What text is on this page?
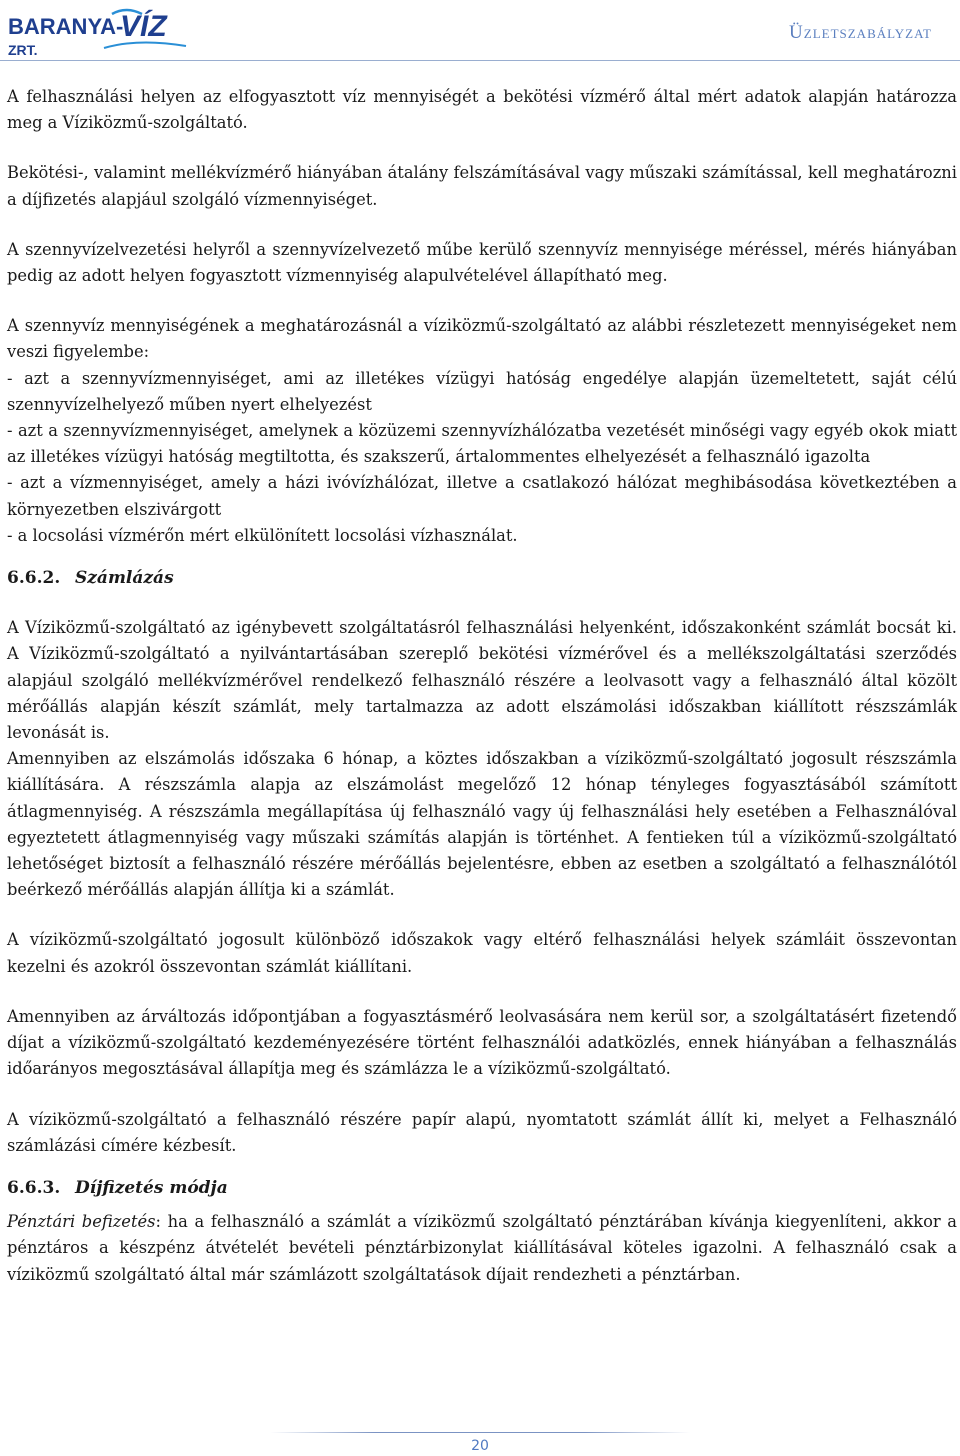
BARANYA-
VÍZ
ZRT.
Üzletszabályzat

A felhasználási helyen az elfogyasztott víz mennyiségét a bekötési vízmérő által mért adatok alapján határozza meg a Víziközmű-szolgáltató.

Bekötési-, valamint mellékvízmérő hiányában átalány felszámításával vagy műszaki számítással, kell meghatározni a díjfizetés alapjául szolgáló vízmennyiséget.

A szennyvízelvezetési helyről a szennyvízelvezető műbe kerülő szennyvíz mennyisége méréssel, mérés hiányában pedig az adott helyen fogyasztott vízmennyiség alapulvételével állapítható meg.

A szennyvíz mennyiségének a meghatározásnál a víziközmű-szolgáltató az alábbi részletezett mennyiségeket nem veszi figyelembe:

- azt a szennyvízmennyiséget, ami az illetékes vízügyi hatóság engedélye alapján üzemeltetett, saját célú szennyvízelhelyező műben nyert elhelyezést

- azt a szennyvízmennyiséget, amelynek a közüzemi szennyvízhálózatba vezetését minőségi vagy egyéb okok miatt az illetékes vízügyi hatóság megtiltotta, és szakszerű, ártalommentes elhelyezését a felhasználó igazolta

- azt a vízmennyiséget, amely a házi ivóvízhálózat, illetve a csatlakozó hálózat meghibásodása következtében a környezetben elszivárgott

- a locsolási vízmérőn mért elkülönített locsolási vízhasználat.

6.6.2. Számlázás

A Víziközmű-szolgáltató az igénybevett szolgáltatásról felhasználási helyenként, időszakonként számlát bocsát ki. A Víziközmű-szolgáltató a nyilvántartásában szereplő bekötési vízmérővel és a mellékszolgáltatási szerződés alapjául szolgáló mellékvízmérővel rendelkező felhasználó részére a leolvasott vagy a felhasználó által közölt mérőállás alapján készít számlát, mely tartalmazza az adott elszámolási időszakban kiállított részszámlák levonását is.

Amennyiben az elszámolás időszaka 6 hónap, a köztes időszakban a víziközmű-szolgáltató jogosult részszámla kiállítására. A részszámla alapja az elszámolást megelőző 12 hónap tényleges fogyasztásából számított átlagmennyiség. A részszámla megállapítása új felhasználó vagy új felhasználási hely esetében a Felhasználóval egyeztetett átlagmennyiség vagy műszaki számítás alapján is történhet. A fentieken túl a víziközmű-szolgáltató lehetőséget biztosít a felhasználó részére mérőállás bejelentésre, ebben az esetben a szolgáltató a felhasználótól beérkező mérőállás alapján állítja ki a számlát.

A víziközmű-szolgáltató jogosult különböző időszakok vagy eltérő felhasználási helyek számláit összevontan kezelni és azokról összevontan számlát kiállítani.

Amennyiben az árváltozás időpontjában a fogyasztásmérő leolvasására nem kerül sor, a szolgáltatásért fizetendő díjat a víziközmű-szolgáltató kezdeményezésére történt felhasználói adatközlés, ennek hiányában a felhasználás időarányos megosztásával állapítja meg és számlázza le a víziközmű-szolgáltató.

A víziközmű-szolgáltató a felhasználó részére papír alapú, nyomtatott számlát állít ki, melyet a Felhasználó számlázási címére kézbesít.

6.6.3. Díjfizetés módja

Pénztári befizetés: ha a felhasználó a számlát a víziközmű szolgáltató pénztárában kívánja kiegyenlíteni, akkor a pénztáros a készpénz átvételét bevételi pénztárbizonylat kiállításával köteles igazolni. A felhasználó csak a víziközmű szolgáltató által már számlázott szolgáltatások díjait rendezheti a pénztárban.

20
